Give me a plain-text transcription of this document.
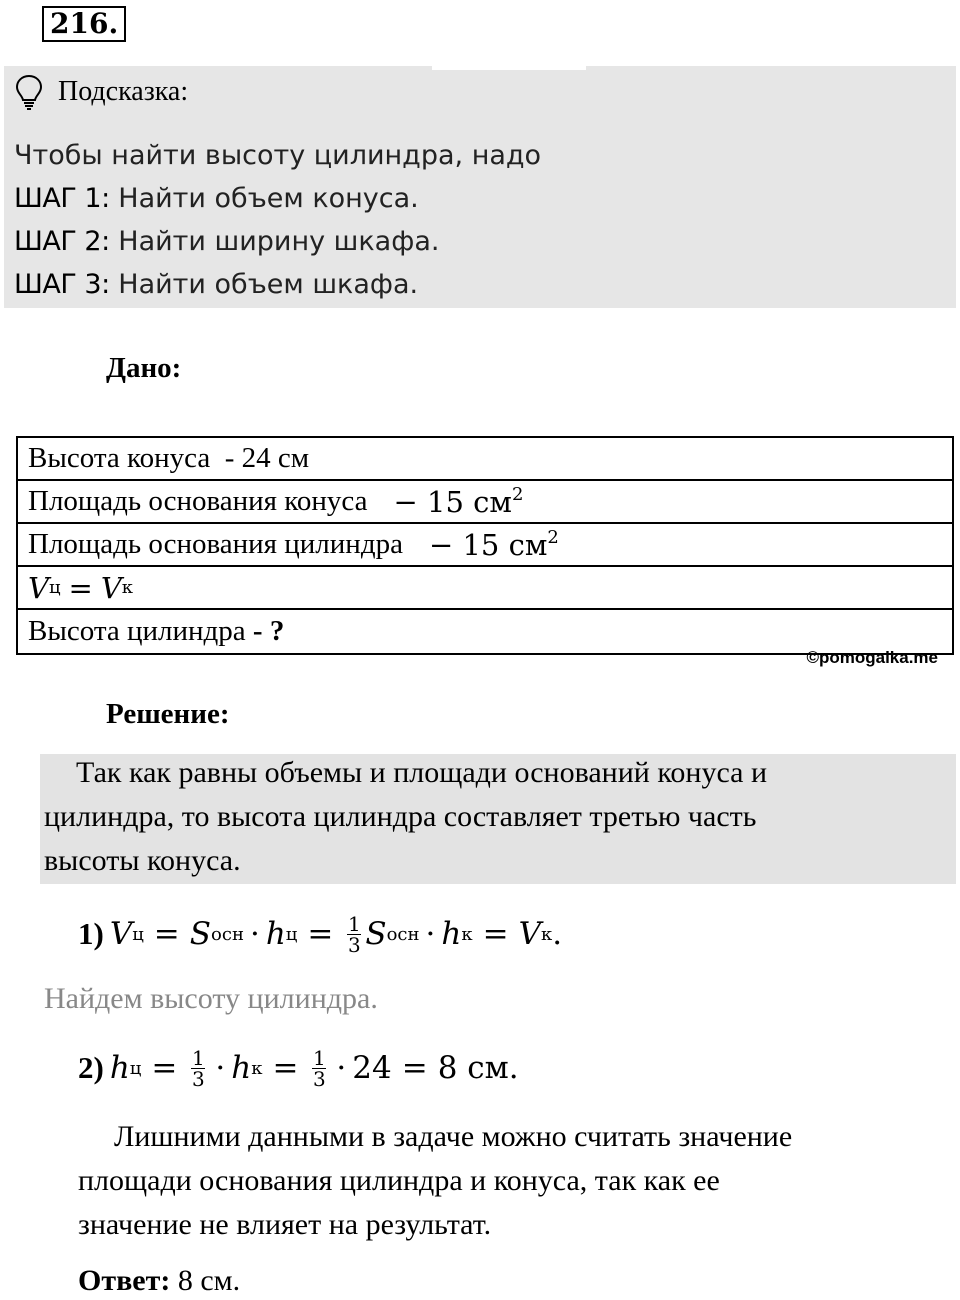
216.
Подсказка:
Чтобы найти высоту цилиндра, надо
ШАГ 1: Найти объем конуса.
ШАГ 2: Найти ширину шкафа.
ШАГ 3: Найти объем шкафа.
Дано:
Высота конуса  - 24 см
Площадь основания конуса − 15 $см^2$
Площадь основания цилиндра − 15 $см^2$
V ц = V к
Высота цилиндра - ?
©pomogalka.me
Решение:
Так как равны объемы и площади оснований конуса и
цилиндра, то высота цилиндра составляет третью часть
высоты конуса.
1) V ц = S осн · h $ц = \frac{1}{3}$ S осн · h к = V к .
Найдем высоту цилиндра.
2) h $ц = \frac{1}{3} \cdot h$ $к = \frac{1}{3} \cdot 24 = 8$ см.
Лишними данными в задаче можно считать значение
площади основания цилиндра и конуса, так как ее
значение не влияет на результат.
Ответ: 8 см.
